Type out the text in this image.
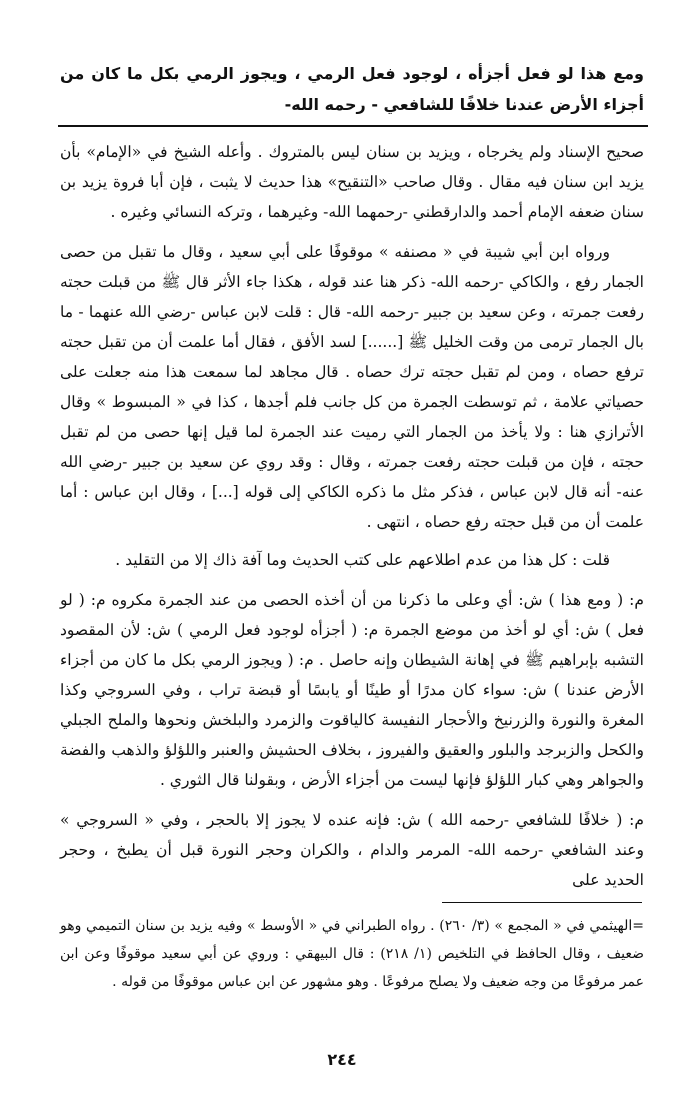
ومع هذا لو فعل أجزأه ، لوجود فعل الرمي ، ويجوز الرمي بكل ما كان من أجزاء الأرض عندنا خلافًا للشافعي - رحمه الله-

صحيح الإسناد ولم يخرجاه ، ويزيد بن سنان ليس بالمتروك . وأعله الشيخ في «الإمام» بأن يزيد ابن سنان فيه مقال . وقال صاحب «التنقيح» هذا حديث لا يثبت ، فإن أبا فروة يزيد بن سنان ضعفه الإمام أحمد والدارقطني -رحمهما الله- وغيرهما ، وتركه النسائي وغيره .

ورواه ابن أبي شيبة في « مصنفه » موقوفًا على أبي سعيد ، وقال ما تقبل من حصى الجمار رفع ، والكاكي -رحمه الله- ذكر هنا عند قوله ، هكذا جاء الأثر قال ﷺ من قبلت حجته رفعت جمرته ، وعن سعيد بن جبير -رحمه الله- قال : قلت لابن عباس -رضي الله عنهما - ما بال الجمار ترمى من وقت الخليل ﷺ [......] لسد الأفق ، فقال أما علمت أن من تقبل حجته ترفع حصاه ، ومن لم تقبل حجته ترك حصاه . قال مجاهد لما سمعت هذا منه جعلت على حصياتي علامة ، ثم توسطت الجمرة من كل جانب فلم أجدها ، كذا في « المبسوط » وقال الأترازي هنا : ولا يأخذ من الجمار التي رميت عند الجمرة لما قيل إنها حصى من لم تقبل حجته ، فإن من قبلت حجته رفعت جمرته ، وقال : وقد روي عن سعيد بن جبير -رضي الله عنه- أنه قال لابن عباس ، فذكر مثل ما ذكره الكاكي إلى قوله [...] ، وقال ابن عباس : أما علمت أن من قبل حجته رفع حصاه ، انتهى .

قلت : كل هذا من عدم اطلاعهم على كتب الحديث وما آفة ذاك إلا من التقليد .

م: ( ومع هذا ) ش: أي وعلى ما ذكرنا من أن أخذه الحصى من عند الجمرة مكروه م: ( لو فعل ) ش: أي لو أخذ من موضع الجمرة م: ( أجزأه لوجود فعل الرمي ) ش: لأن المقصود التشبه بإبراهيم ﷺ في إهانة الشيطان وإنه حاصل . م: ( ويجوز الرمي بكل ما كان من أجزاء الأرض عندنا ) ش: سواء كان مدرًا أو طينًا أو يابسًا أو قبضة تراب ، وفي السروجي وكذا المغرة والنورة والزرنيخ والأحجار النفيسة كالياقوت والزمرد والبلخش ونحوها والملح الجبلي والكحل والزبرجد والبلور والعقيق والفيروز ، بخلاف الحشيش والعنبر واللؤلؤ والذهب والفضة والجواهر وهي كبار اللؤلؤ فإنها ليست من أجزاء الأرض ، وبقولنا قال الثوري .

م: ( خلافًا للشافعي -رحمه الله ) ش: فإنه عنده لا يجوز إلا بالحجر ، وفي « السروجي » وعند الشافعي -رحمه الله- المرمر والدام ، والكران وحجر النورة قبل أن يطبخ ، وحجر الحديد على

=الهيثمي في « المجمع » (٣/ ٢٦٠) . رواه الطبراني في « الأوسط » وفيه يزيد بن سنان التميمي وهو ضعيف ، وقال الحافظ في التلخيص (١/ ٢١٨) : قال البيهقي : وروي عن أبي سعيد موقوفًا وعن ابن عمر مرفوعًا من وجه ضعيف ولا يصلح مرفوعًا . وهو مشهور عن ابن عباس موقوفًا من قوله .

٢٤٤
